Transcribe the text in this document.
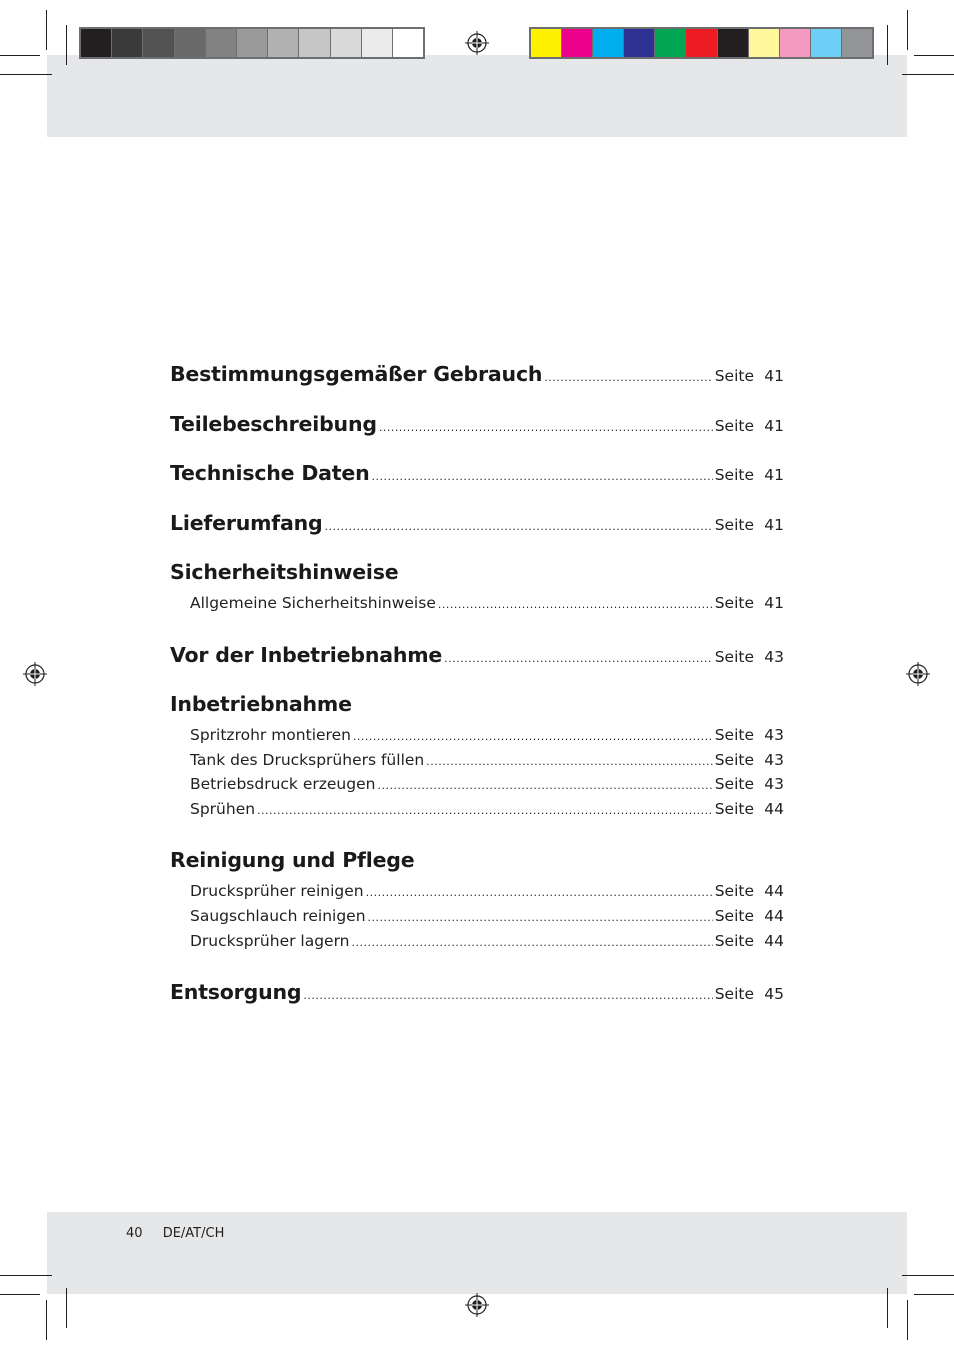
Bestimmungsgemäßer Gebrauch .....	Seite 41
Teilebeschreibung .....	Seite 41
Technische Daten .....	Seite 41
Lieferumfang .....	Seite 41
Sicherheitshinweise
Allgemeine Sicherheitshinweise .....	Seite 41
Vor der Inbetriebnahme .....	Seite 43
Inbetriebnahme
Spritzrohr montieren .....	Seite 43
Tank des Drucksprühers füllen .....	Seite 43
Betriebsdruck erzeugen .....	Seite 43
Sprühen .....	Seite 44
Reinigung und Pflege
Drucksprüher reinigen .....	Seite 44
Saugschlauch reinigen .....	Seite 44
Drucksprüher lagern .....	Seite 44
Entsorgung .....	Seite 45
40 DE/AT/CH
